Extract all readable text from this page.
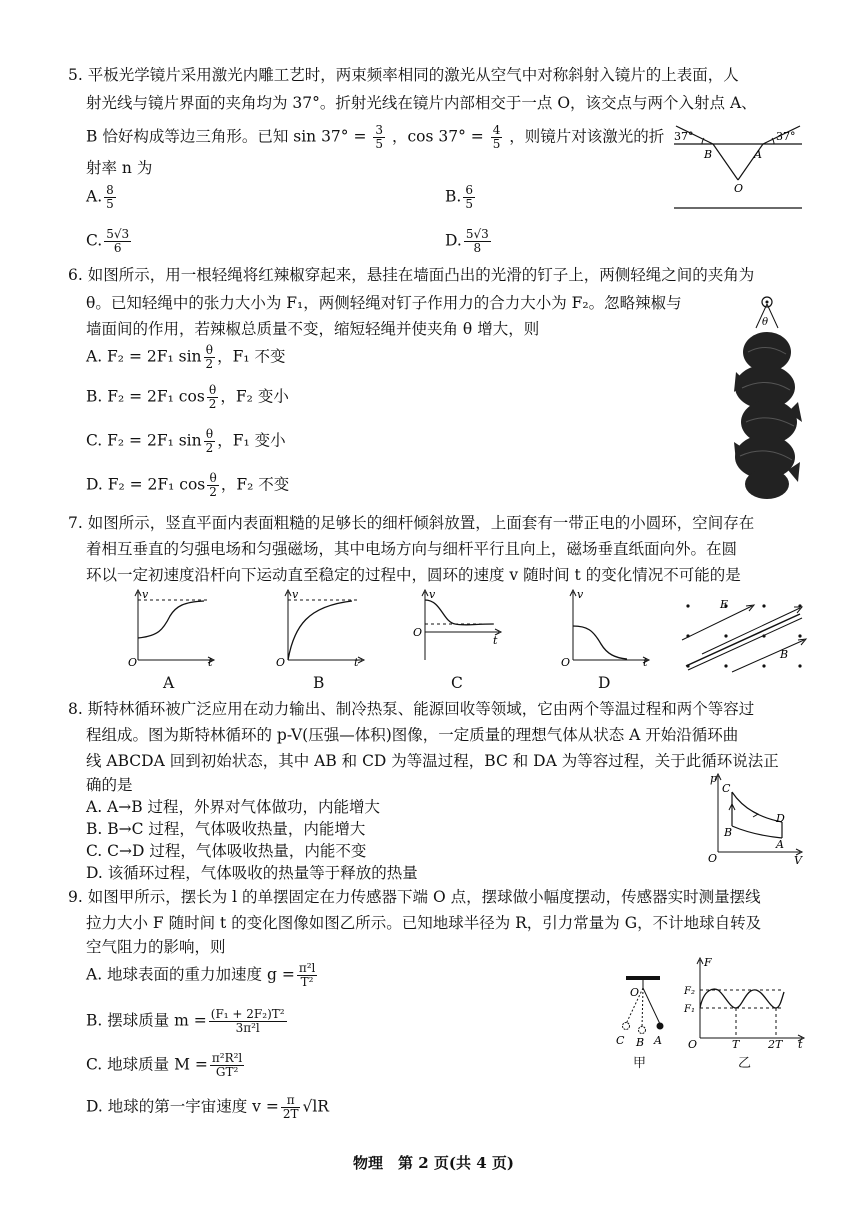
5. 平板光学镜片采用激光内雕工艺时，两束频率相同的激光从空气中对称斜射入镜片的上表面，人
射光线与镜片界面的夹角均为 37°。折射光线在镜片内部相交于一点 O，该交点与两个入射点 A、
B 恰好构成等边三角形。已知 $\sin 37^\circ = \frac{3}{5}$ ，$\cos 37^\circ = \frac{4}{5}$ ，则镜片对该激光的折
射率 n 为
A. $\frac{8}{5}$	B. $\frac{6}{5}$
C. $\frac{5√3}{6}$	D. $\frac{5√3}{8}$
37°	37°
B	A
O
6. 如图所示，用一根轻绳将红辣椒穿起来，悬挂在墙面凸出的光滑的钉子上，两侧轻绳之间的夹角为
θ。已知轻绳中的张力大小为 F₁，两侧轻绳对钉子作用力的合力大小为 F₂。忽略辣椒与
墙面间的作用，若辣椒总质量不变，缩短轻绳并使夹角 θ 增大，则
A. F₂ = 2F₁ $\sin \frac{\theta}{2}$ ，F₁ 不变
B. F₂ = 2F₁ $\cos \frac{\theta}{2}$ ，F₂ 变小
C. F₂ = 2F₁ $\sin \frac{\theta}{2}$ ，F₁ 变小
D. F₂ = 2F₁ $\cos \frac{\theta}{2}$ ，F₂ 不变
θ
7. 如图所示，竖直平面内表面粗糙的足够长的细杆倾斜放置，上面套有一带正电的小圆环，空间存在
着相互垂直的匀强电场和匀强磁场，其中电场方向与细杆平行且向上，磁场垂直纸面向外。在圆
环以一定初速度沿杆向下运动直至稳定的过程中，圆环的速度 v 随时间 t 的变化情况不可能的是
v
t
O
A
v
t
O
B
v
t
O
C
v
t
O
D
E
B
8. 斯特林循环被广泛应用在动力输出、制冷热泵、能源回收等领域，它由两个等温过程和两个等容过
程组成。图为斯特林循环的 p-V(压强—体积)图像，一定质量的理想气体从状态 A 开始沿循环曲
线 ABCDA 回到初始状态，其中 AB 和 CD 为等温过程，BC 和 DA 为等容过程，关于此循环说法正
确的是
A. A→B 过程，外界对气体做功，内能增大
B. B→C 过程，气体吸收热量，内能增大
C. C→D 过程，气体吸收热量，内能不变
D. 该循环过程，气体吸收的热量等于释放的热量
p
V
O
C
B
D
A
9. 如图甲所示，摆长为 l 的单摆固定在力传感器下端 O 点，摆球做小幅度摆动，传感器实时测量摆线
拉力大小 F 随时间 t 的变化图像如图乙所示。已知地球半径为 R，引力常量为 G，不计地球自转及
空气阻力的影响，则
A. 地球表面的重力加速度 $g = \frac{\text{π²l}}{\text{T²}}$
B. 摆球质量 $m = \frac{\text{(F₁ + 2F₂)T²}}{\text{3π²l}}$
C. 地球质量 $M = \frac{\text{π²R²l}}{\text{GT²}}$
D. 地球的第一宇宙速度 $v = \frac{\pi}{2T} √lR$
O
C B A
甲
F
F₂
F₁
O	T	2T t
乙
物理　第 2 页(共 4 页)
